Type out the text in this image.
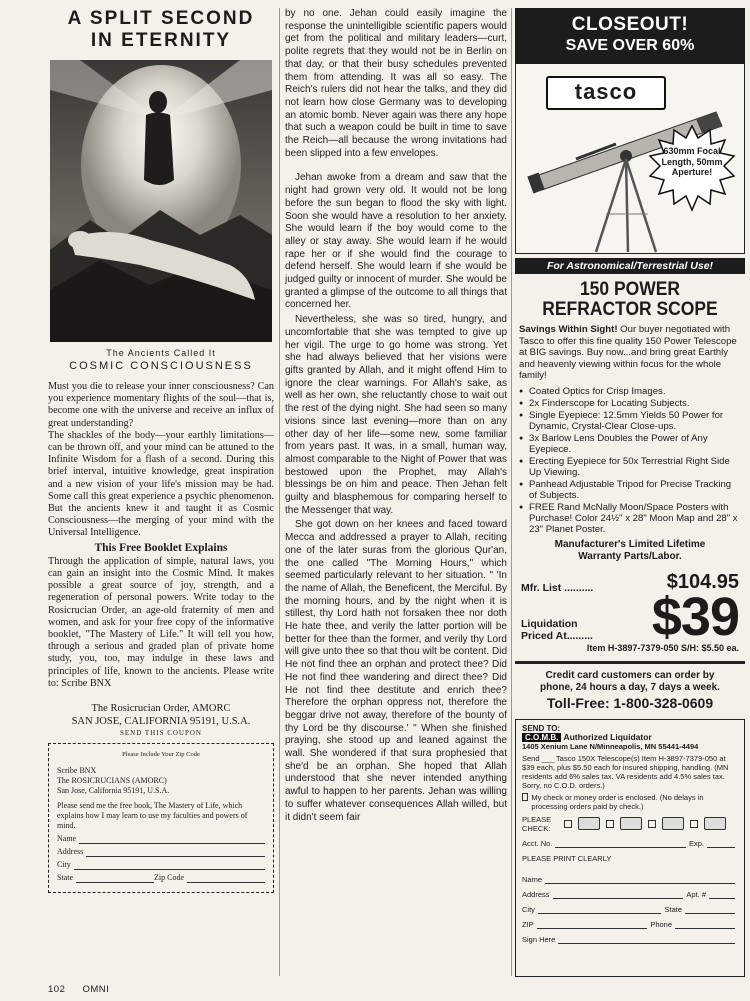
A SPLIT SECOND
IN ETERNITY
The Ancients Called It
COSMIC CONSCIOUSNESS

Must you die to release your inner consciousness? Can you experience momentary flights of the soul—that is, become one with the universe and receive an influx of great understanding?

The shackles of the body—your earthly limitations—can be thrown off, and your mind can be attuned to the Infinite Wisdom for a flash of a second. During this brief interval, intuitive knowledge, great inspiration and a new vision of your life's mission may be had. Some call this great experience a psychic phenomenon. But the ancients knew it and taught it as Cosmic Consciousness—the merging of your mind with the Universal Intelligence.

This Free Booklet Explains

Through the application of simple, natural laws, you can gain an insight into the Cosmic Mind. It makes possible a great source of joy, strength, and a regeneration of personal powers. Write today to the Rosicrucian Order, an age-old fraternity of men and women, and ask for your free copy of the informative booklet, "The Mastery of Life." It will tell you how, through a serious and graded plan of private home study, you, too, may indulge in these laws and principles of life, known to the ancients. Please write to: Scribe BNX

The Rosicrucian Order, AMORC
SAN JOSE, CALIFORNIA 95191, U.S.A.
SEND THIS COUPON
Please Include Your Zip Code
Scribe BNX
The ROSICRUCIANS (AMORC)
San Jose, California 95191, U.S.A.
Please send me the free book, The Mastery of Life, which explains how I may learn to use my faculties and powers of mind.
Name
Address
City
State	Zip Code

by no one. Jehan could easily imagine the response the unintelligible scientific papers would get from the political and military leaders—curt, polite regrets that they would not be in Berlin on that day, or that their busy schedules prevented them from attending. It was all so easy. The Reich's rulers did not hear the talks, and they did not learn how close Germany was to developing an atomic bomb. Never again was there any hope that such a weapon could be built in time to save the Reich—all because the wrong invitations had been slipped into a few envelopes.

Jehan awoke from a dream and saw that the night had grown very old. It would not be long before the sun began to flood the sky with light. Soon she would have a resolution to her anxiety. She would learn if the boy would come to the alley or stay away. She would learn if he would rape her or if she would find the courage to defend herself. She would learn if she would be judged guilty or innocent of murder. She would be granted a glimpse of the outcome to all things that concerned her.

Nevertheless, she was so tired, hungry, and uncomfortable that she was tempted to give up her vigil. The urge to go home was strong. Yet she had always believed that her visions were gifts granted by Allah, and it might offend Him to ignore the clear warnings. For Allah's sake, as well as her own, she reluctantly chose to wait out the rest of the dying night. She had seen so many visions since last evening—more than on any other day of her life—some new, some familiar from years past. It was, in a small, human way, almost comparable to the Night of Power that was bestowed upon the Prophet, may Allah's blessings be on him and peace. Then Jehan felt guilty and blasphemous for comparing herself to the Messenger that way.

She got down on her knees and faced toward Mecca and addressed a prayer to Allah, reciting one of the later suras from the glorious Qur'an, the one called "The Morning Hours," which seemed particularly relevant to her situation. " 'In the name of Allah, the Beneficent, the Merciful. By the morning hours, and by the night when it is stillest, thy Lord hath not forsaken thee nor doth He hate thee, and verily the latter portion will be better for thee than the former, and verily thy Lord will give unto thee so that thou wilt be content. Did He not find thee an orphan and protect thee? Did He not find thee wandering and direct thee? Did He not find thee destitute and enrich thee? Therefore the orphan oppress not, therefore the beggar drive not away, therefore of the bounty of thy Lord be thy discourse.' " When she finished praying, she stood up and leaned against the wall. She wondered if that sura prophesied that she'd be an orphan. She hoped that Allah understood that she never intended anything awful to happen to her parents. Jehan was willing to suffer whatever consequences Allah willed, but it didn't seem fair

CLOSEOUT!
SAVE OVER 60%
tasco
630mm Focal Length, 50mm Aperture!
For Astronomical/Terrestrial Use!
150 POWER
REFRACTOR SCOPE
Savings Within Sight! Our buyer negotiated with Tasco to offer this fine quality 150 Power Telescope at BIG savings. Buy now...and bring great Earthly and heavenly viewing within focus for the whole family!
● Coated Optics for Crisp Images.
● 2x Finderscope for Locating Subjects.
● Single Eyepiece: 12.5mm Yields 50 Power for Dynamic, Crystal-Clear Close-ups.
● 3x Barlow Lens Doubles the Power of Any Eyepiece.
● Erecting Eyepiece for 50x Terrestrial Right Side Up Viewing.
● Panhead Adjustable Tripod for Precise Tracking of Subjects.
● FREE Rand McNally Moon/Space Posters with Purchase! Color 24½" x 28" Moon Map and 28" x 23" Planet Poster.
Manufacturer's Limited Lifetime
Warranty Parts/Labor.
Mfr. List ..........	$104.95
Liquidation
Priced At......... $39
Item H-3897-7379-050 S/H: $5.50 ea.
Credit card customers can order by
phone, 24 hours a day, 7 days a week.
Toll-Free: 1-800-328-0609
SEND TO:
C.O.M.B. Authorized Liquidator
1405 Xenium Lane N/Minneapolis, MN 55441-4494
Send ___ Tasco 150X Telescope(s) Item H-3897-7379-050 at $39 each, plus $5.50 each for insured shipping, handling. (MN residents add 6% sales tax. VA residents add 4.5% sales tax. Sorry, no C.O.D. orders.)
My check or money order is enclosed. (No delays in processing orders paid by check.)
PLEASE CHECK:
Acct. No.	Exp.
PLEASE PRINT CLEARLY
Name
Address	Apt. #
City	State
ZIP	Phone
Sign Here
102 OMNI
